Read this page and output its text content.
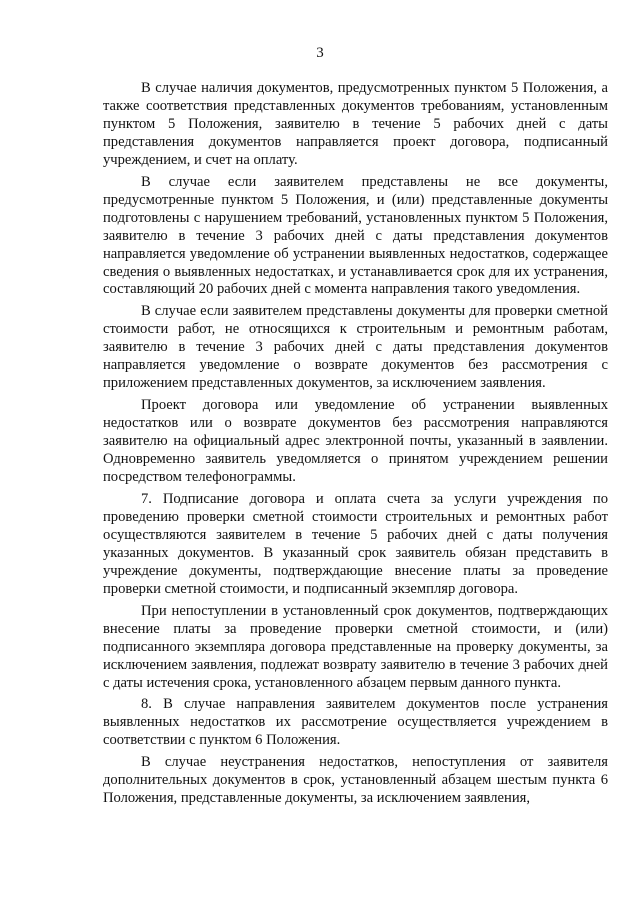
3

В случае наличия документов, предусмотренных пунктом 5 Положения, а также соответствия представленных документов требованиям, установленным пунктом 5 Положения, заявителю в течение 5 рабочих дней с даты представления документов направляется проект договора, подписанный учреждением, и счет на оплату.

В случае если заявителем представлены не все документы, предусмотренные пунктом 5 Положения, и (или) представленные документы подготовлены с нарушением требований, установленных пунктом 5 Положения, заявителю в течение 3 рабочих дней с даты представления документов направляется уведомление об устранении выявленных недостатков, содержащее сведения о выявленных недостатках, и устанавливается срок для их устранения, составляющий 20 рабочих дней с момента направления такого уведомления.

В случае если заявителем представлены документы для проверки сметной стоимости работ, не относящихся к строительным и ремонтным работам, заявителю в течение 3 рабочих дней с даты представления документов направляется уведомление о возврате документов без рассмотрения с приложением представленных документов, за исключением заявления.

Проект договора или уведомление об устранении выявленных недостатков или о возврате документов без рассмотрения направляются заявителю на официальный адрес электронной почты, указанный в заявлении. Одновременно заявитель уведомляется о принятом учреждением решении посредством телефонограммы.

7. Подписание договора и оплата счета за услуги учреждения по проведению проверки сметной стоимости строительных и ремонтных работ осуществляются заявителем в течение 5 рабочих дней с даты получения указанных документов. В указанный срок заявитель обязан представить в учреждение документы, подтверждающие внесение платы за проведение проверки сметной стоимости, и подписанный экземпляр договора.

При непоступлении в установленный срок документов, подтверждающих внесение платы за проведение проверки сметной стоимости, и (или) подписанного экземпляра договора представленные на проверку документы, за исключением заявления, подлежат возврату заявителю в течение 3 рабочих дней с даты истечения срока, установленного абзацем первым данного пункта.

8. В случае направления заявителем документов после устранения выявленных недостатков их рассмотрение осуществляется учреждением в соответствии с пунктом 6 Положения.

В случае неустранения недостатков, непоступления от заявителя дополнительных документов в срок, установленный абзацем шестым пункта 6 Положения, представленные документы, за исключением заявления,
